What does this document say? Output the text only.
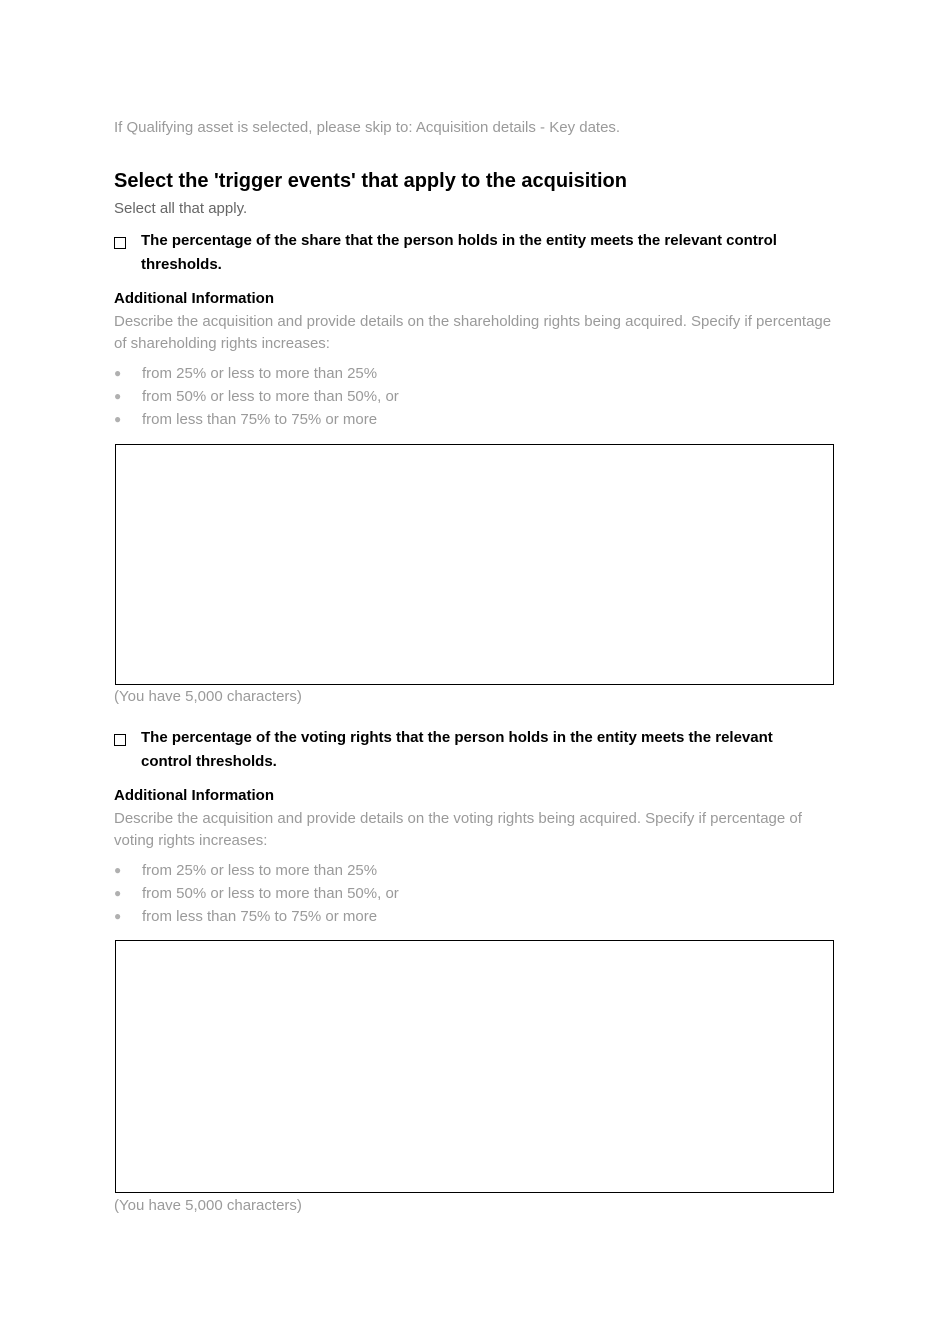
If Qualifying asset is selected, please skip to: Acquisition details - Key dates.
Select the 'trigger events' that apply to the acquisition
Select all that apply.
The percentage of the share that the person holds in the entity meets the relevant control thresholds.
Additional Information
Describe the acquisition and provide details on the shareholding rights being acquired. Specify if percentage of shareholding rights increases:
● from 25% or less to more than 25%
● from 50% or less to more than 50%, or
● from less than 75% to 75% or more
(You have 5,000 characters)
The percentage of the voting rights that the person holds in the entity meets the relevant control thresholds.
Additional Information
Describe the acquisition and provide details on the voting rights being acquired. Specify if percentage of voting rights increases:
● from 25% or less to more than 25%
● from 50% or less to more than 50%, or
● from less than 75% to 75% or more
(You have 5,000 characters)
